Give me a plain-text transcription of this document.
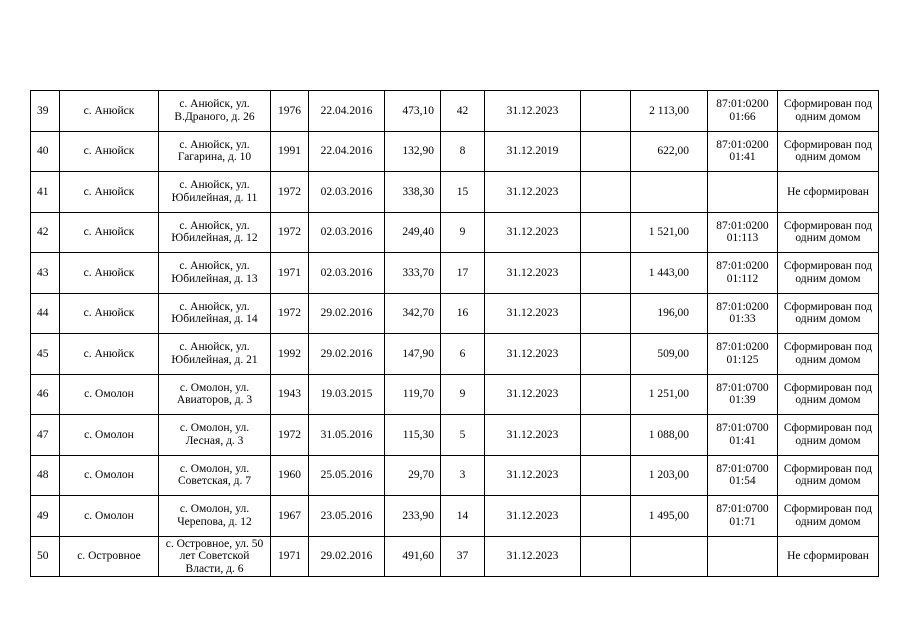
39	с. Анюйск	с. Анюйск, ул. В.Драного, д. 26	1976	22.04.2016	473,10	42	31.12.2023		2 113,00	87:01:0200 01:66	Сформирован под одним домом
40	с. Анюйск	с. Анюйск, ул. Гагарина, д. 10	1991	22.04.2016	132,90	8	31.12.2019		622,00	87:01:0200 01:41	Сформирован под одним домом
41	с. Анюйск	с. Анюйск, ул. Юбилейная, д. 11	1972	02.03.2016	338,30	15	31.12.2023				Не сформирован
42	с. Анюйск	с. Анюйск, ул. Юбилейная, д. 12	1972	02.03.2016	249,40	9	31.12.2023		1 521,00	87:01:0200 01:113	Сформирован под одним домом
43	с. Анюйск	с. Анюйск, ул. Юбилейная, д. 13	1971	02.03.2016	333,70	17	31.12.2023		1 443,00	87:01:0200 01:112	Сформирован под одним домом
44	с. Анюйск	с. Анюйск, ул. Юбилейная, д. 14	1972	29.02.2016	342,70	16	31.12.2023		196,00	87:01:0200 01:33	Сформирован под одним домом
45	с. Анюйск	с. Анюйск, ул. Юбилейная, д. 21	1992	29.02.2016	147,90	6	31.12.2023		509,00	87:01:0200 01:125	Сформирован под одним домом
46	с. Омолон	с. Омолон, ул. Авиаторов, д. 3	1943	19.03.2015	119,70	9	31.12.2023		1 251,00	87:01:0700 01:39	Сформирован под одним домом
47	с. Омолон	с. Омолон, ул. Лесная, д. 3	1972	31.05.2016	115,30	5	31.12.2023		1 088,00	87:01:0700 01:41	Сформирован под одним домом
48	с. Омолон	с. Омолон, ул. Советская, д. 7	1960	25.05.2016	29,70	3	31.12.2023		1 203,00	87:01:0700 01:54	Сформирован под одним домом
49	с. Омолон	с. Омолон, ул. Черепова, д. 12	1967	23.05.2016	233,90	14	31.12.2023		1 495,00	87:01:0700 01:71	Сформирован под одним домом
50	с. Островное	с. Островное, ул. 50 лет Советской Власти, д. 6	1971	29.02.2016	491,60	37	31.12.2023				Не сформирован
